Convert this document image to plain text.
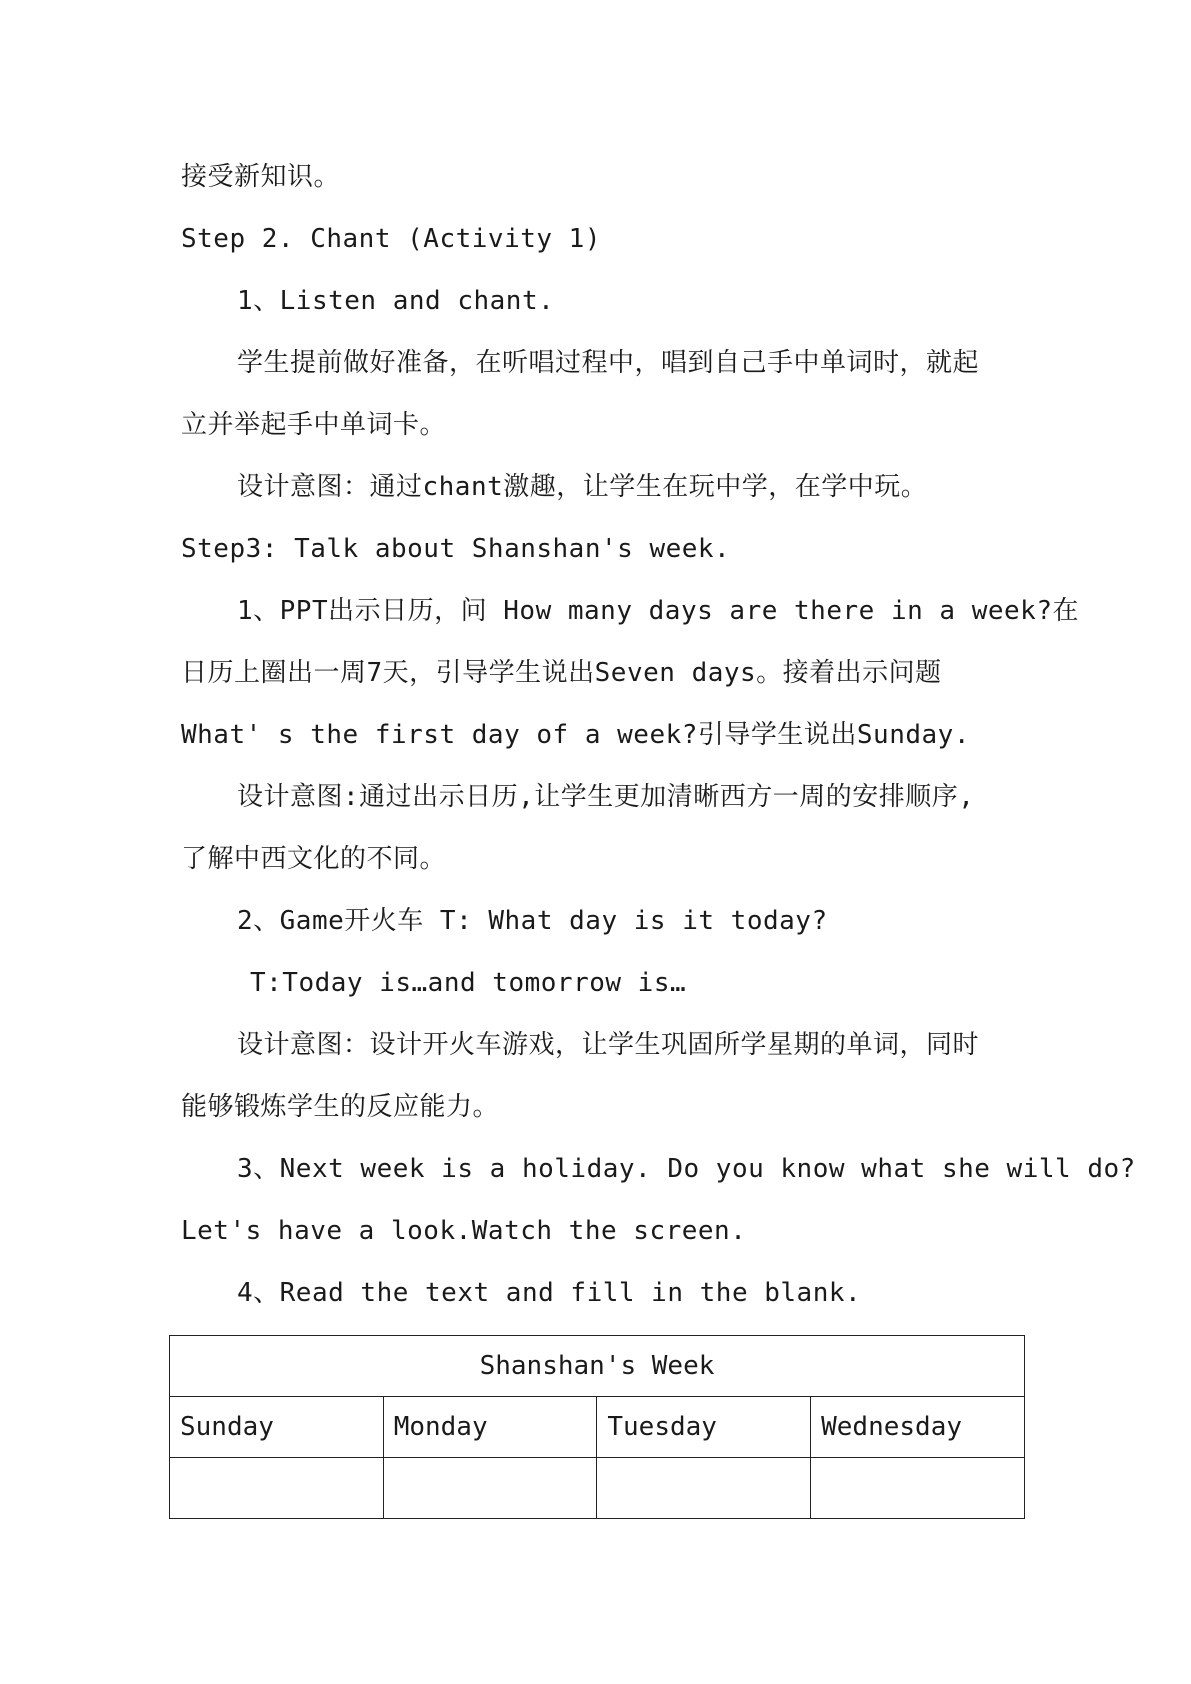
接受新知识。
Step 2. Chant (Activity 1)
1、Listen and chant.
学生提前做好准备，在听唱过程中，唱到自己手中单词时，就起
立并举起手中单词卡。
设计意图：通过chant激趣，让学生在玩中学，在学中玩。
Step3: Talk about Shanshan's week.
1、PPT出示日历，问 How many days are there in a week?在
日历上圈出一周7天，引导学生说出Seven days。接着出示问题
What' s the first day of a week?引导学生说出Sunday.
设计意图:通过出示日历,让学生更加清晰西方一周的安排顺序,
了解中西文化的不同。
2、Game开火车 T: What day is it today?
T:Today is…and tomorrow is…
设计意图：设计开火车游戏，让学生巩固所学星期的单词，同时
能够锻炼学生的反应能力。
3、Next week is a holiday. Do you know what she will do?
Let's have a look.Watch the screen.
4、Read the text and fill in the blank.
Shanshan's Week			
Sunday	Monday	Tuesday	Wednesday
